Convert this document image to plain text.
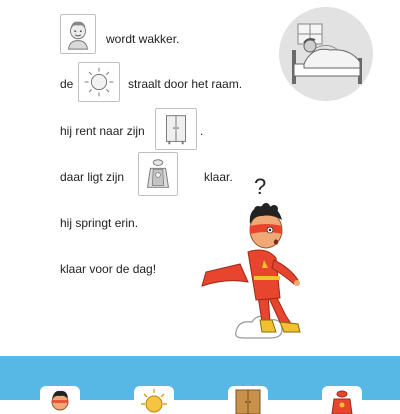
wordt wakker.
de	straalt door het raam.
hij rent naar zijn	.
daar ligt zijn	klaar.
hij springt erin.
klaar voor de dag!
?
